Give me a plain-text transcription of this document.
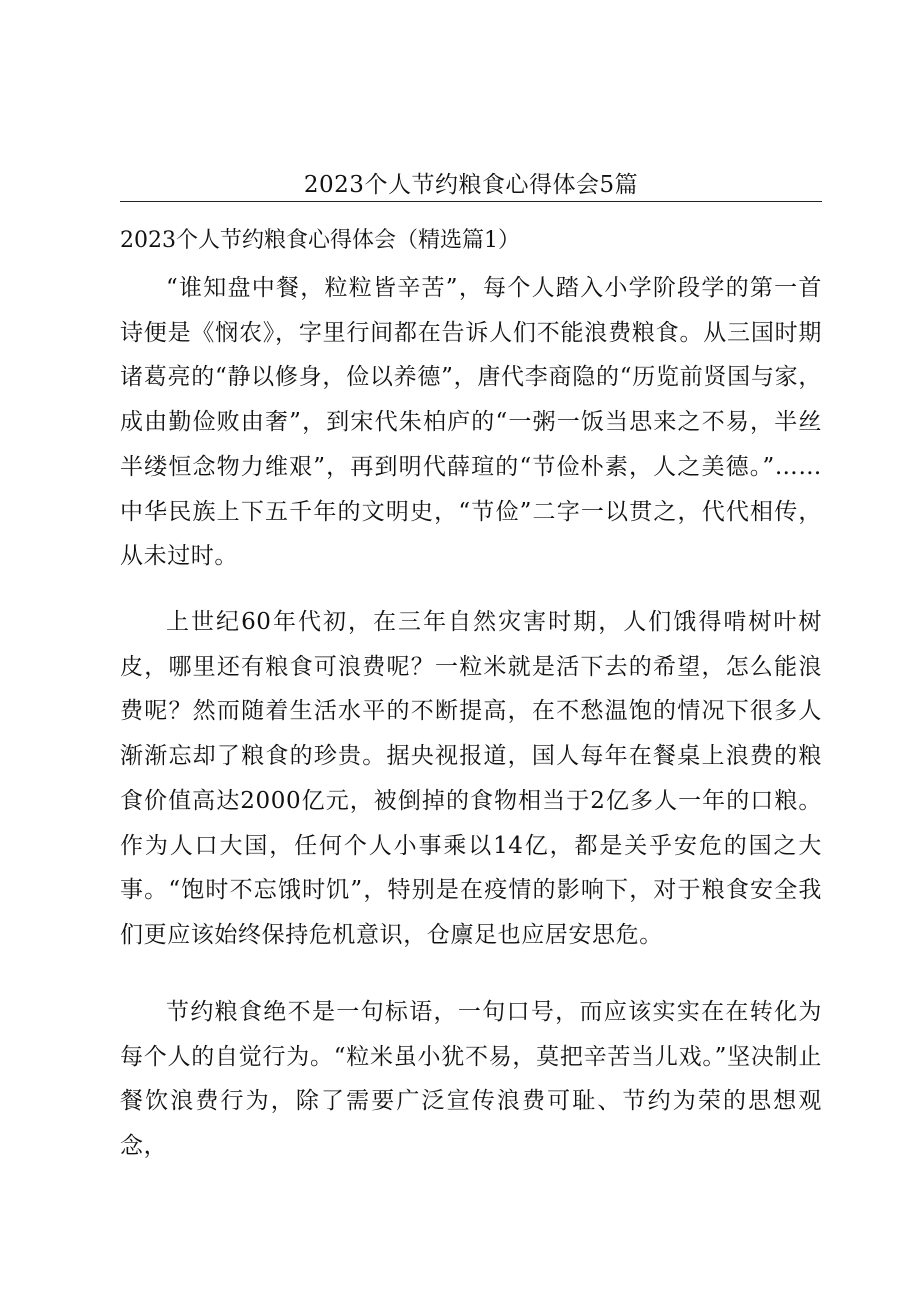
2023个人节约粮食心得体会5篇
2023个人节约粮食心得体会（精选篇1）

“谁知盘中餐，粒粒皆辛苦”，每个人踏入小学阶段学的第一首诗便是《悯农》，字里行间都在告诉人们不能浪费粮食。从三国时期诸葛亮的“静以修身，俭以养德”，唐代李商隐的“历览前贤国与家，成由勤俭败由奢”，到宋代朱柏庐的“一粥一饭当思来之不易，半丝半缕恒念物力维艰”，再到明代薛瑄的“节俭朴素，人之美德。”……中华民族上下五千年的文明史，“节俭”二字一以贯之，代代相传，从未过时。

上世纪60年代初，在三年自然灾害时期，人们饿得啃树叶树皮，哪里还有粮食可浪费呢？一粒米就是活下去的希望，怎么能浪费呢？然而随着生活水平的不断提高，在不愁温饱的情况下很多人渐渐忘却了粮食的珍贵。据央视报道，国人每年在餐桌上浪费的粮食价值高达2000亿元，被倒掉的食物相当于2亿多人一年的口粮。作为人口大国，任何个人小事乘以14亿，都是关乎安危的国之大事。“饱时不忘饿时饥”，特别是在疫情的影响下，对于粮食安全我们更应该始终保持危机意识，仓廪足也应居安思危。

节约粮食绝不是一句标语，一句口号，而应该实实在在转化为每个人的自觉行为。“粒米虽小犹不易，莫把辛苦当儿戏。”坚决制止餐饮浪费行为，除了需要广泛宣传浪费可耻、节约为荣的思想观念，
